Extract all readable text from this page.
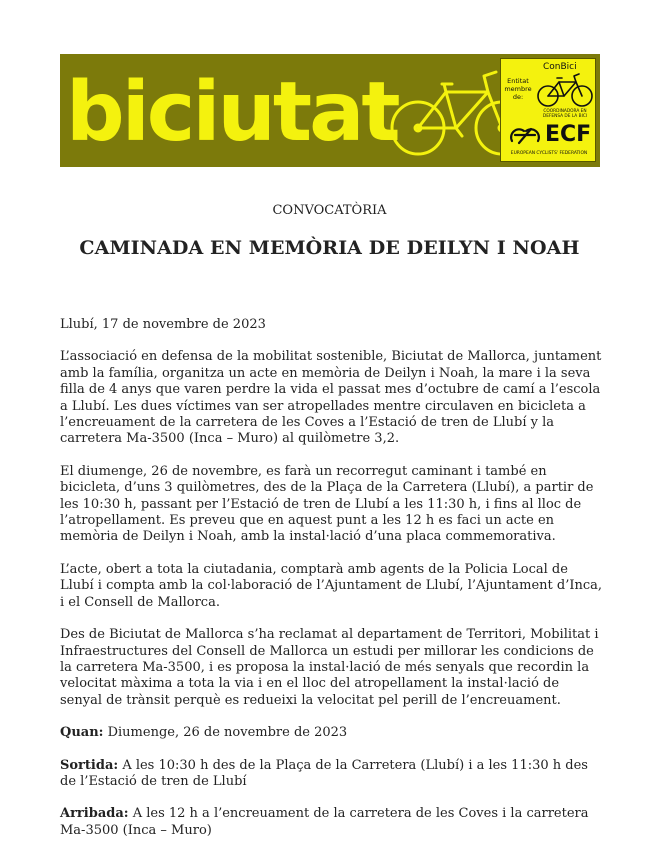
biciutat	Entitat membre de:
ConBici
COORDINADORA EN DEFENSA DE LA BICI
ECF
EUROPEAN CYCLISTS' FEDERATION
CONVOCATÒRIA
CAMINADA EN MEMÒRIA DE DEILYN I NOAH

Llubí, 17 de novembre de 2023

L’associació en defensa de la mobilitat sostenible, Biciutat de Mallorca, juntament amb la família, organitza un acte en memòria de Deilyn i Noah, la mare i la seva filla de 4 anys que varen perdre la vida el passat mes d’octubre de camí a l’escola a Llubí. Les dues víctimes van ser atropellades mentre circulaven en bicicleta a l’encreuament de la carretera de les Coves a l’Estació de tren de Llubí y la carretera Ma-3500 (Inca – Muro) al quilòmetre 3,2.

El diumenge, 26 de novembre, es farà un recorregut caminant i també en bicicleta, d’uns 3 quilòmetres, des de la Plaça de la Carretera (Llubí), a partir de les 10:30 h, passant per l’Estació de tren de Llubí a les 11:30 h, i fins al lloc de l’atropellament. Es preveu que en aquest punt a les 12 h es faci un acte en memòria de Deilyn i Noah, amb la instal·lació d’una placa commemorativa.

L’acte, obert a tota la ciutadania, comptarà amb agents de la Policia Local de Llubí i compta amb la col·laboració de l’Ajuntament de Llubí, l’Ajuntament d’Inca, i el Consell de Mallorca.

Des de Biciutat de Mallorca s’ha reclamat al departament de Territori, Mobilitat i Infraestructures del Consell de Mallorca un estudi per millorar les condicions de la carretera Ma-3500, i es proposa la instal·lació de més senyals que recordin la velocitat màxima a tota la via i en el lloc del atropellament la instal·lació de senyal de trànsit perquè es redueixi la velocitat pel perill de l’encreuament.

Quan: Diumenge, 26 de novembre de 2023

Sortida: A les 10:30 h des de la Plaça de la Carretera (Llubí) i a les 11:30 h des de l’Estació de tren de Llubí

Arribada: A les 12 h a l’encreuament de la carretera de les Coves i la carretera Ma-3500 (Inca – Muro)
